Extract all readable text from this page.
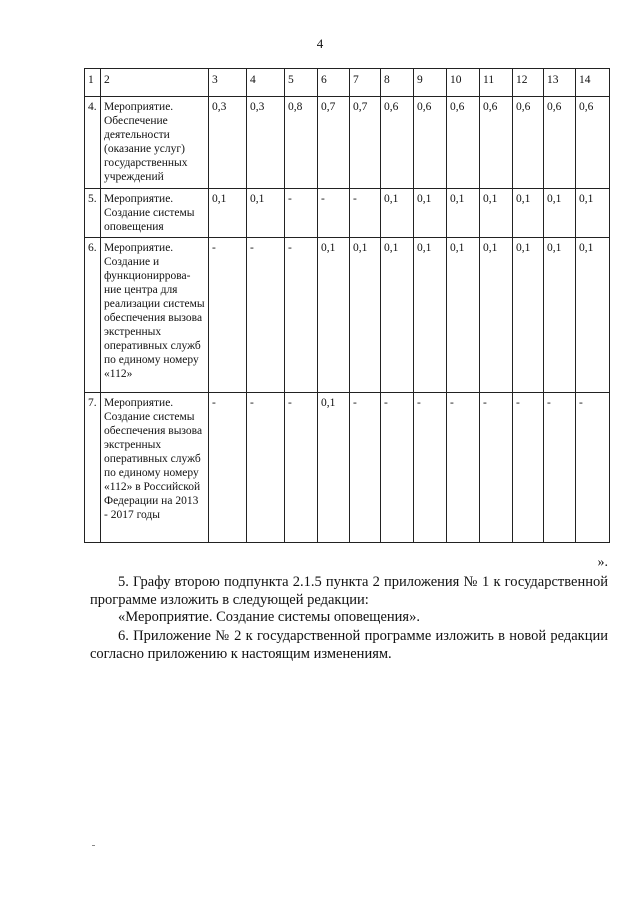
4
1	2	3	4	5	6	7	8	9	10	11	12	13	14
4.	Мероприятие. Обеспечение деятельности (оказание услуг) государственных учреждений	0,3	0,3	0,8	0,7	0,7	0,6	0,6	0,6	0,6	0,6	0,6	0,6
5.	Мероприятие. Создание системы оповещения	0,1	0,1	-	-	-	0,1	0,1	0,1	0,1	0,1	0,1	0,1
6.	Мероприятие. Создание и функциониррова-ние центра для реализации системы обеспечения вызова экстренных оперативных служб по единому номеру «112»	-	-	-	0,1	0,1	0,1	0,1	0,1	0,1	0,1	0,1	0,1
7.	Мероприятие. Создание системы обеспечения вызова экстренных оперативных служб по единому номеру «112» в Российской Федерации на 2013 - 2017 годы	-	-	-	0,1	-	-	-	-	-	-	-	-
».

5. Графу второю подпункта 2.1.5 пункта 2 приложения № 1 к государственной программе изложить в следующей редакции:

«Мероприятие. Создание системы оповещения».

6. Приложение № 2 к государственной программе изложить в новой редакции согласно приложению к настоящим изменениям.
